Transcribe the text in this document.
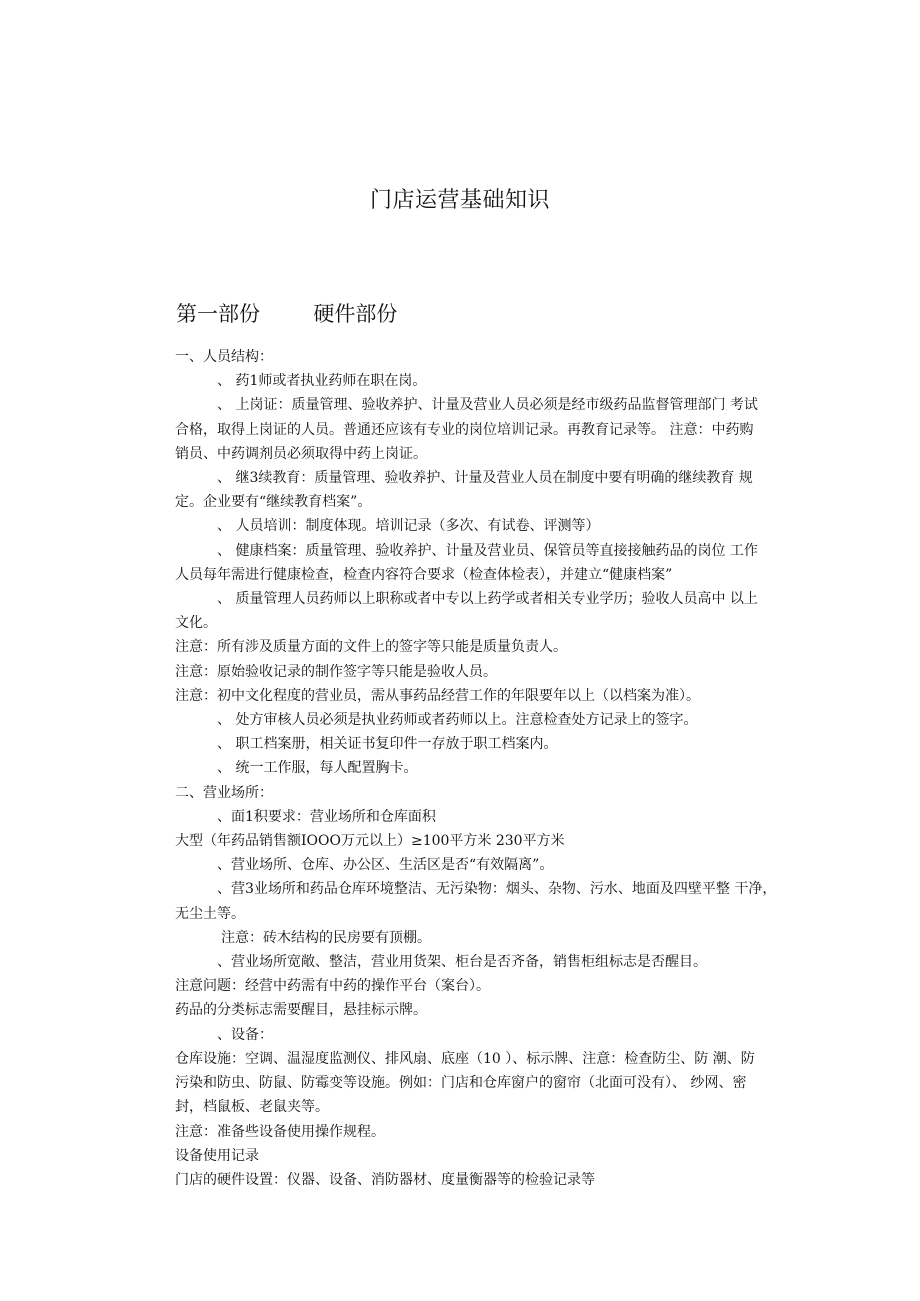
门店运营基础知识
第一部份        硬件部份

一、人员结构：

、 药1师或者执业药师在职在岗。

、 上岗证：质量管理、验收养护、计量及营业人员必须是经市级药品监督管理部门 考试

合格，取得上岗证的人员。普通还应该有专业的岗位培训记录。再教育记录等。 注意：中药购

销员、中药调剂员必须取得中药上岗证。

、 继3续教育：质量管理、验收养护、计量及营业人员在制度中要有明确的继续教育 规

定。企业要有“继续教育档案”。

、 人员培训：制度体现。培训记录（多次、有试卷、评测等）

、 健康档案：质量管理、验收养护、计量及营业员、保管员等直接接触药品的岗位 工作

人员每年需进行健康检查，检查内容符合要求（检查体检表），并建立“健康档案”

、 质量管理人员药师以上职称或者中专以上药学或者相关专业学历；验收人员高中 以上

文化。

注意：所有涉及质量方面的文件上的签字等只能是质量负责人。

注意：原始验收记录的制作签字等只能是验收人员。

注意：初中文化程度的营业员，需从事药品经营工作的年限要年以上（以档案为准）。

、 处方审核人员必须是执业药师或者药师以上。注意检查处方记录上的签字。

、 职工档案册，相关证书复印件一存放于职工档案内。

、 统一工作服，每人配置胸卡。

二、营业场所：

、面1积要求：营业场所和仓库面积

大型（年药品销售额IOOO万元以上）≥100平方米 230平方米

、营业场所、仓库、办公区、生活区是否“有效隔离”。

、营3业场所和药品仓库环境整洁、无污染物：烟头、杂物、污水、地面及四壁平整 干净，

无尘土等。

注意：砖木结构的民房要有顶棚。

、营业场所宽敞、整洁，营业用货架、柜台是否齐备，销售柜组标志是否醒目。

注意问题：经营中药需有中药的操作平台（案台）。

药品的分类标志需要醒目，悬挂标示牌。

、设备：

仓库设施：空调、温湿度监测仪、排风扇、底座（10 ）、标示牌、注意：检查防尘、防 潮、防

污染和防虫、防鼠、防霉变等设施。例如：门店和仓库窗户的窗帘（北面可没有）、 纱网、密

封，档鼠板、老鼠夹等。

注意：准备些设备使用操作规程。

设备使用记录

门店的硬件设置：仪器、设备、消防器材、度量衡器等的检验记录等
